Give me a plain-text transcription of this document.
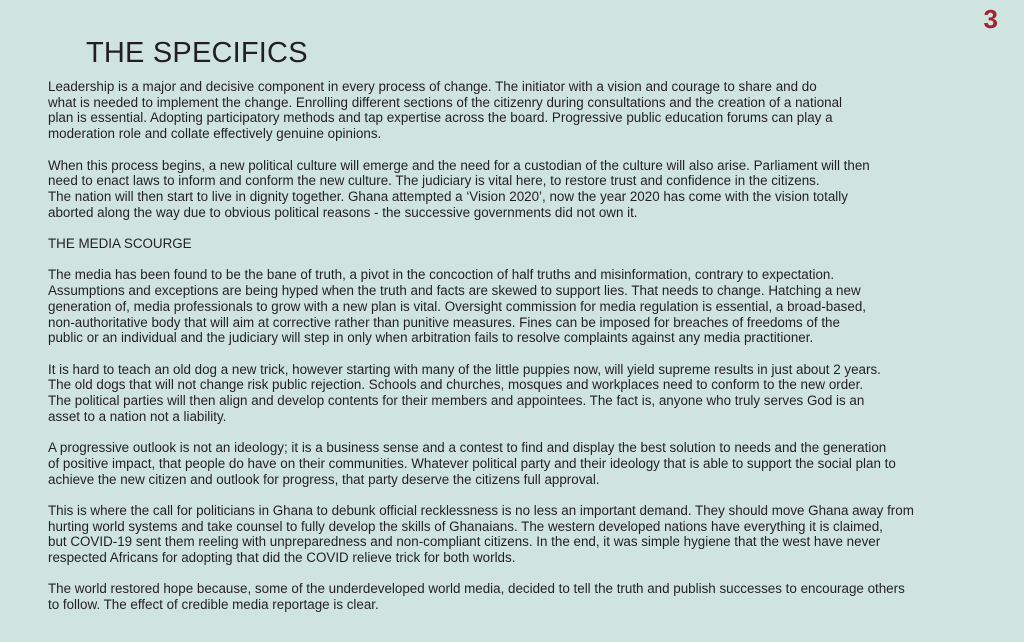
3
THE SPECIFICS

Leadership is a major and decisive component in every process of change. The initiator with a vision and courage to share and do
what is needed to implement the change. Enrolling different sections of the citizenry during consultations and the creation of a national
plan is essential. Adopting participatory methods and tap expertise across the board. Progressive public education forums can play a
moderation role and collate effectively genuine opinions.

When this process begins, a new political culture will emerge and the need for a custodian of the culture will also arise. Parliament will then
need to enact laws to inform and conform the new culture. The judiciary is vital here, to restore trust and confidence in the citizens.
The nation will then start to live in dignity together. Ghana attempted a ‘Vision 2020’, now the year 2020 has come with the vision totally
aborted along the way due to obvious political reasons - the successive governments did not own it.

THE MEDIA SCOURGE

The media has been found to be the bane of truth, a pivot in the concoction of half truths and misinformation, contrary to expectation.
Assumptions and exceptions are being hyped when the truth and facts are skewed to support lies. That needs to change. Hatching a new
generation of, media professionals to grow with a new plan is vital. Oversight commission for media regulation is essential, a broad-based,
non-authoritative body that will aim at corrective rather than punitive measures. Fines can be imposed for breaches of freedoms of the
public or an individual and the judiciary will step in only when arbitration fails to resolve complaints against any media practitioner.

It is hard to teach an old dog a new trick, however starting with many of the little puppies now, will yield supreme results in just about 2 years.
The old dogs that will not change risk public rejection. Schools and churches, mosques and workplaces need to conform to the new order.
The political parties will then align and develop contents for their members and appointees. The fact is, anyone who truly serves God is an
asset to a nation not a liability.

A progressive outlook is not an ideology; it is a business sense and a contest to find and display the best solution to needs and the generation
of positive impact, that people do have on their communities. Whatever political party and their ideology that is able to support the social plan to
achieve the new citizen and outlook for progress, that party deserve the citizens full approval.

This is where the call for politicians in Ghana to debunk official recklessness is no less an important demand. They should move Ghana away from
hurting world systems and take counsel to fully develop the skills of Ghanaians. The western developed nations have everything it is claimed,
but COVID-19 sent them reeling with unpreparedness and non-compliant citizens. In the end, it was simple hygiene that the west have never
respected Africans for adopting that did the COVID relieve trick for both worlds.

The world restored hope because, some of the underdeveloped world media, decided to tell the truth and publish successes to encourage others
to follow. The effect of credible media reportage is clear.
